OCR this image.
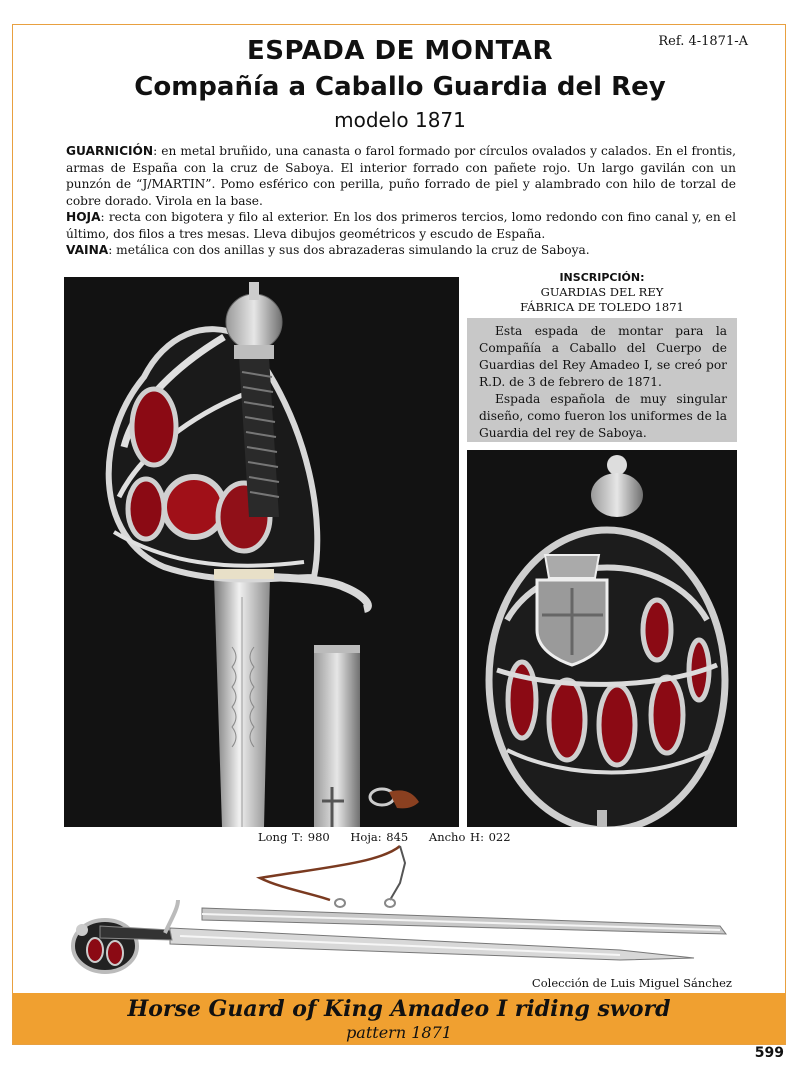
Ref. 4-1871-A
ESPADA DE MONTAR
Compañía a Caballo Guardia del Rey
modelo 1871

GUARNICIÓN: en metal bruñido, una canasta o farol formado por círculos ovalados y calados. En el frontis, armas de España con la cruz de Saboya. El interior forrado con pañete rojo. Un largo gavilán con un punzón de “J/MARTIN”. Pomo esférico con perilla, puño forrado de piel y alambrado con hilo de torzal de cobre dorado. Virola en la base.

HOJA: recta con bigotera y filo al exterior. En los dos primeros tercios, lomo redondo con fino canal y, en el último, dos filos a tres mesas. Lleva dibujos geométricos y escudo de España.

VAINA: metálica con dos anillas y sus dos abrazaderas simulando la cruz de Saboya.

INSCRIPCIÓN:
GUARDIAS DEL REY
FÁBRICA DE TOLEDO 1871

Esta espada de montar para la Compañía a Caballo del Cuerpo de Guardias del Rey Amadeo I, se creó por R.D. de 3 de febrero de 1871.

Espada española de muy singular diseño, como fueron los uniformes de la Guardia del rey de Saboya.

Long T: 980 Hoja: 845 Ancho H: 022
Colección de Luis Miguel Sánchez
Horse Guard of King Amadeo I riding sword
pattern 1871
599
